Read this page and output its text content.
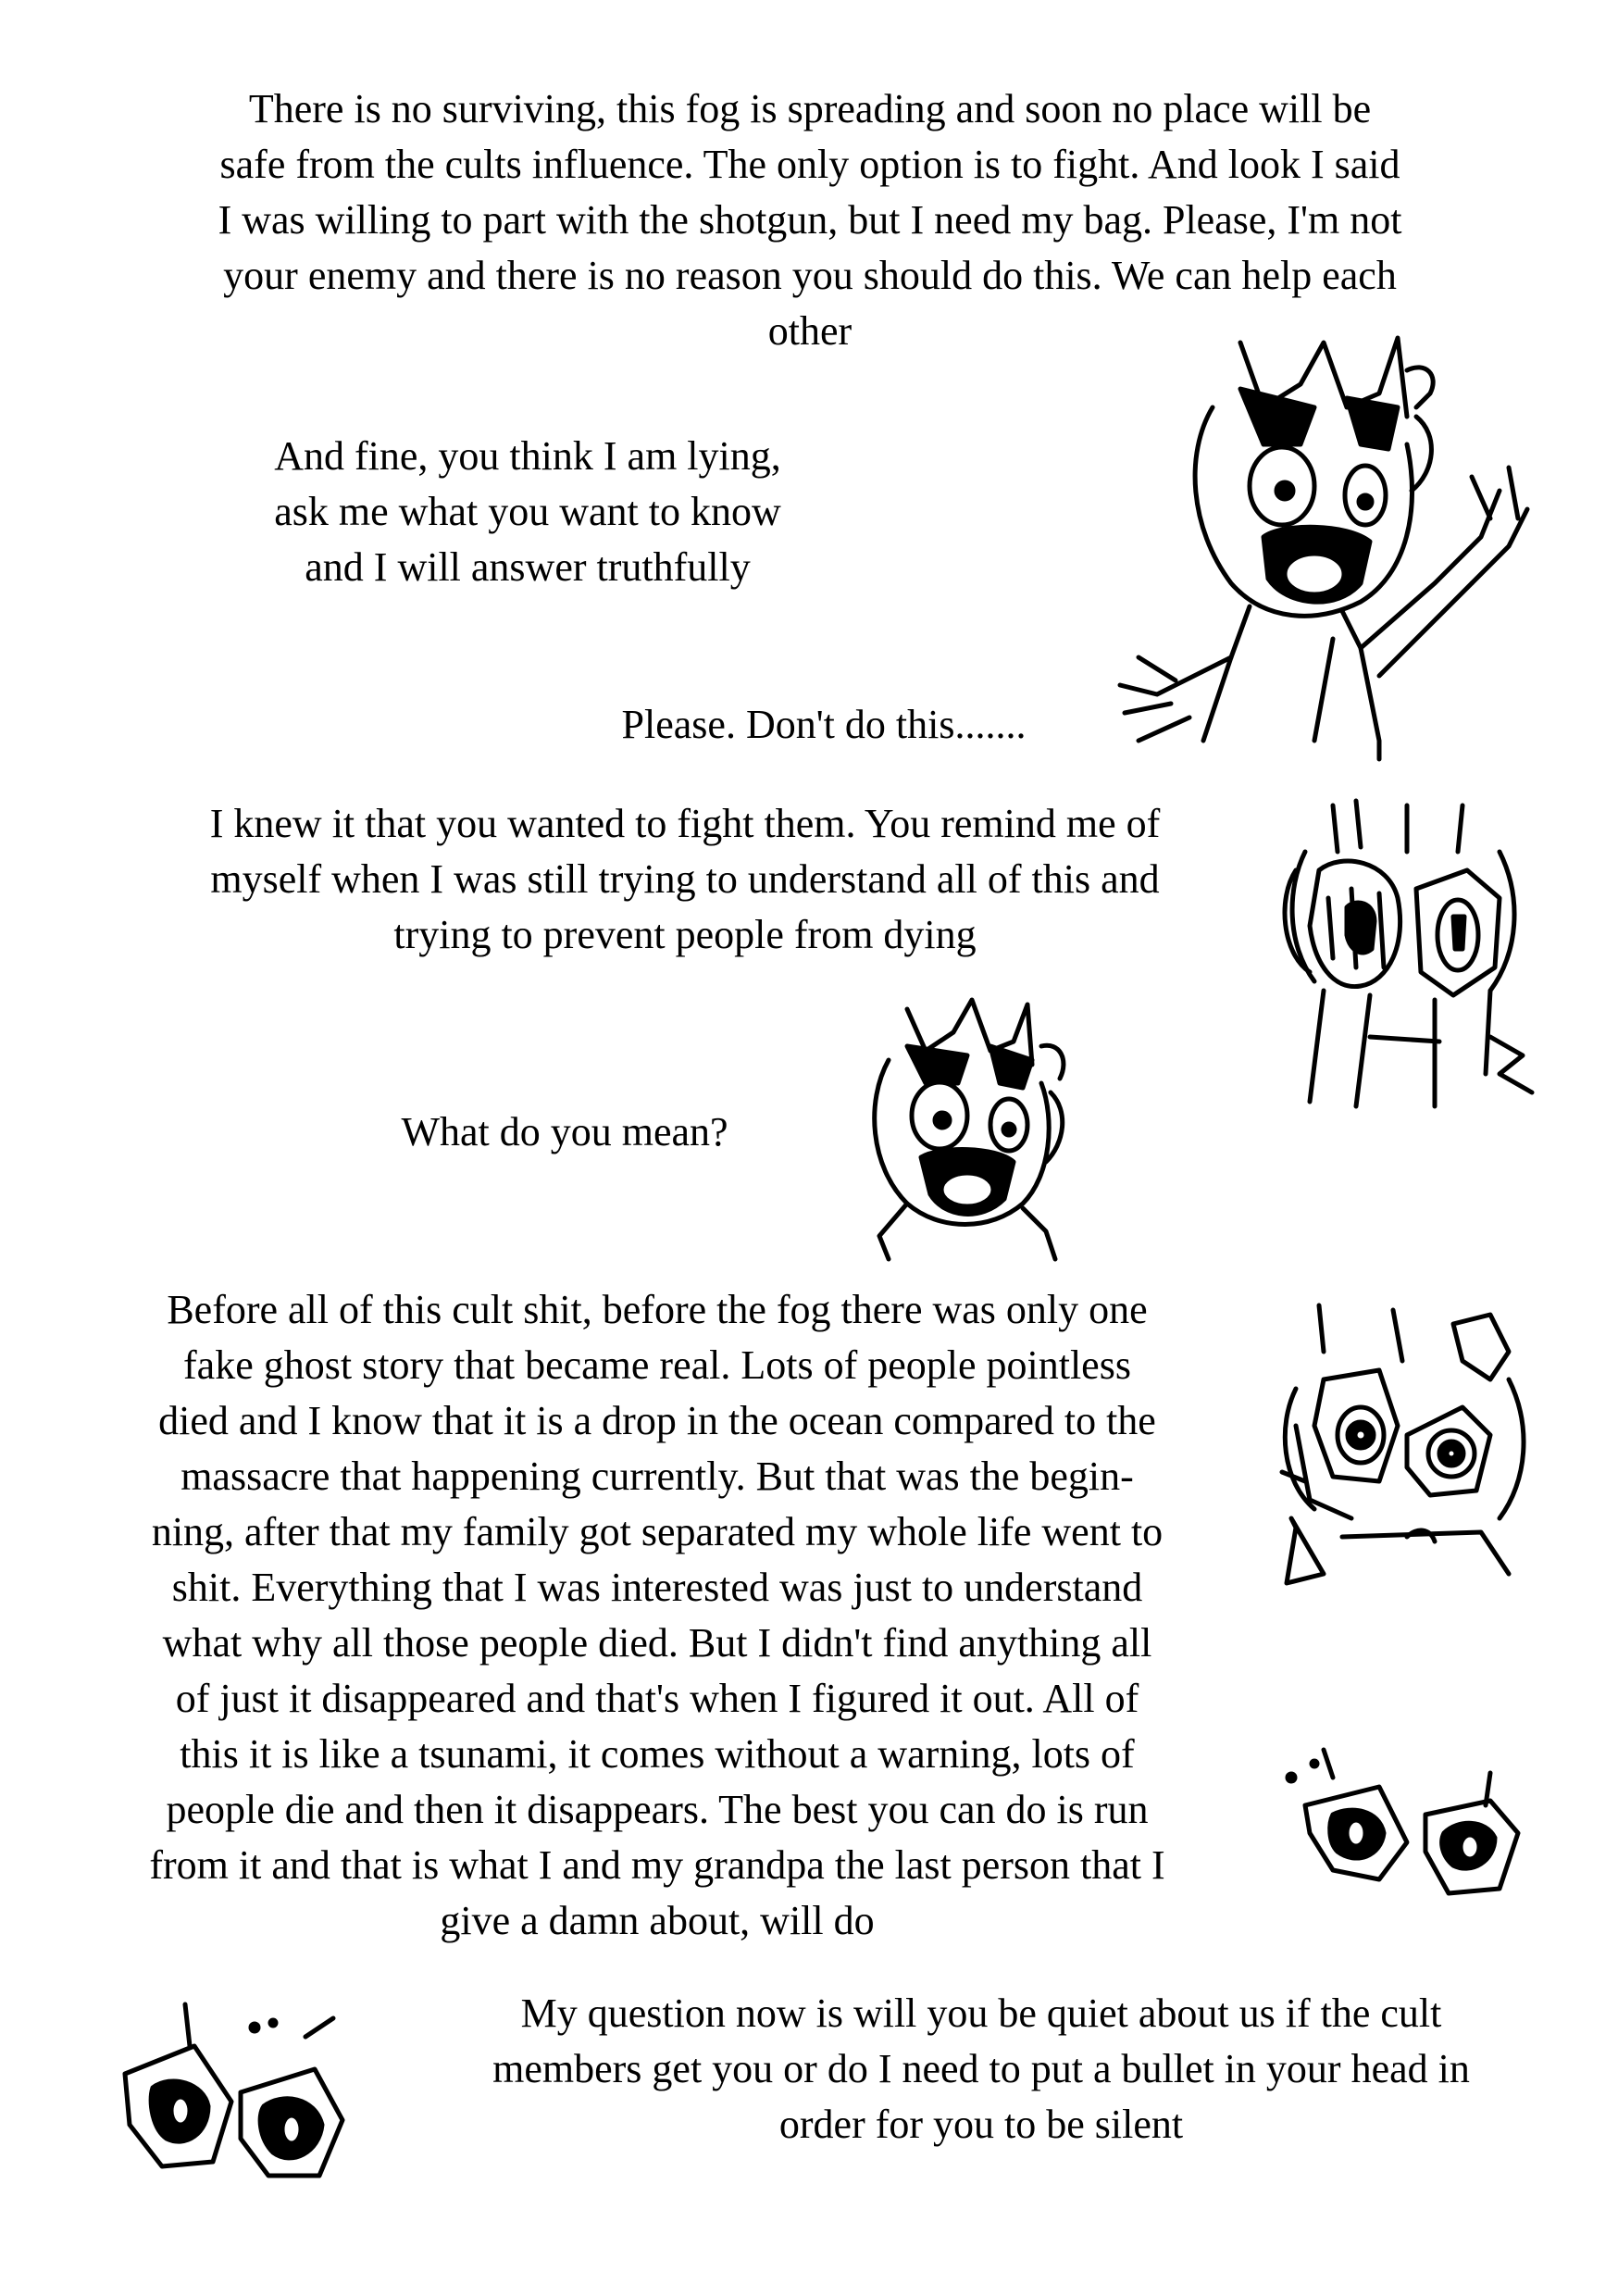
There is no surviving, this fog is spreading and soon no place will be
safe from the cults influence. The only option is to fight. And look I said
I was willing to part with the shotgun, but I need my bag. Please, I'm not
your enemy and there is no reason you should do this. We can help each
other

And fine, you think I am lying,
ask me what you want to know
and I will answer truthfully

Please. Don't do this.......

I knew it that you wanted to fight them. You remind me of
myself when I was still trying to understand all of this and
trying to prevent people from dying

What do you mean?

Before all of this cult shit, before the fog there was only one
fake ghost story that became real. Lots of people pointless
died and I know that it is a drop in the ocean compared to the
massacre that happening currently. But that was the begin-
ning, after that my family got separated my whole life went to
shit. Everything that I was interested was just to understand
what why all those people died. But I didn't find anything all
of just it disappeared and that's when I figured it out. All of
this it is like a tsunami, it comes without a warning, lots of
people die and then it disappears. The best you can do is run
from it and that is what I and my grandpa the last person that I
give a damn about, will do

My question now is will you be quiet about us if the cult
members get you or do I need to put a bullet in your head in
order for you to be silent
